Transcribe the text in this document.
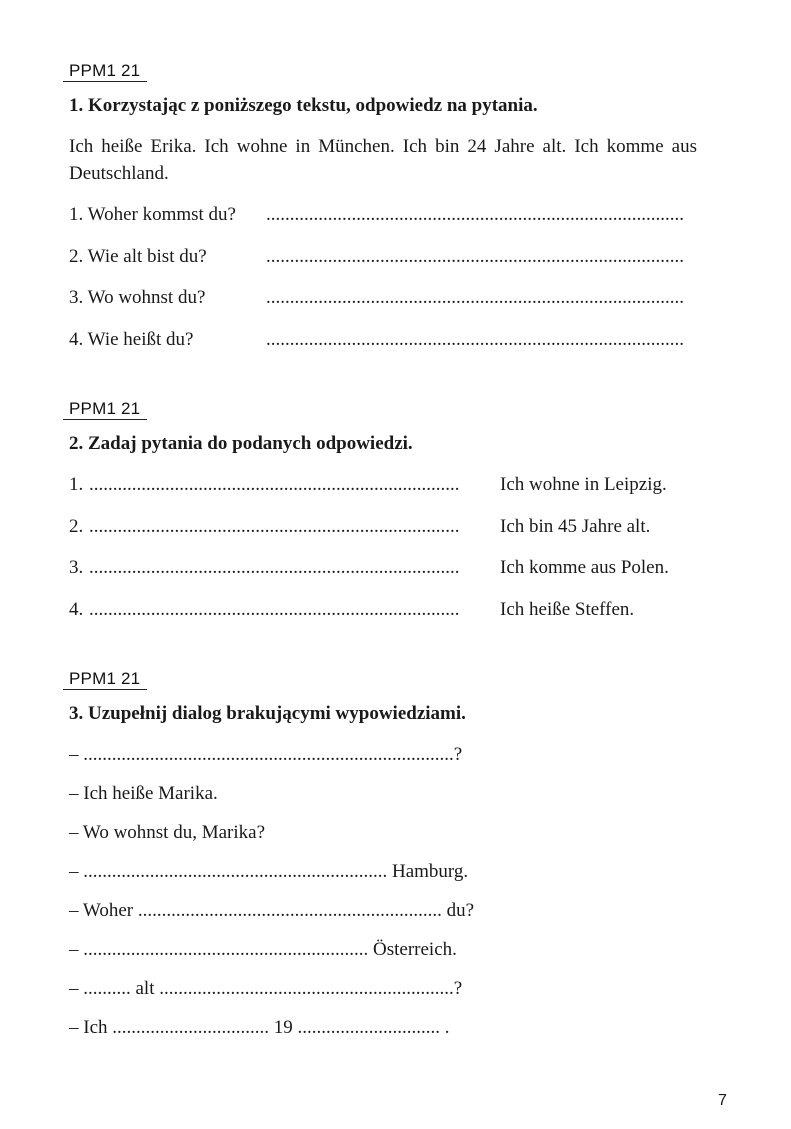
PPM1 21
1. Korzystając z poniższego tekstu, odpowiedz na pytania.
Ich heiße Erika. Ich wohne in München. Ich bin 24 Jahre alt. Ich komme aus Deutschland.
1. Woher kommst du? ........................................................................................
2. Wie alt bist du?	........................................................................................
3. Wo wohnst du?	........................................................................................
4. Wie heißt du?	........................................................................................
PPM1 21
2. Zadaj pytania do podanych odpowiedzi.
1. ..............................................................................	Ich wohne in Leipzig.
2. ..............................................................................	Ich bin 45 Jahre alt.
3. ..............................................................................	Ich komme aus Polen.
4. ..............................................................................	Ich heiße Steffen.
PPM1 21
3. Uzupełnij dialog brakującymi wypowiedziami.
– ..............................................................................?
– Ich heiße Marika.
– Wo wohnst du, Marika?
– ................................................................ Hamburg.
– Woher ................................................................ du?
– ............................................................ Österreich.
– .......... alt ..............................................................?
– Ich ................................. 19 .............................. .
7
